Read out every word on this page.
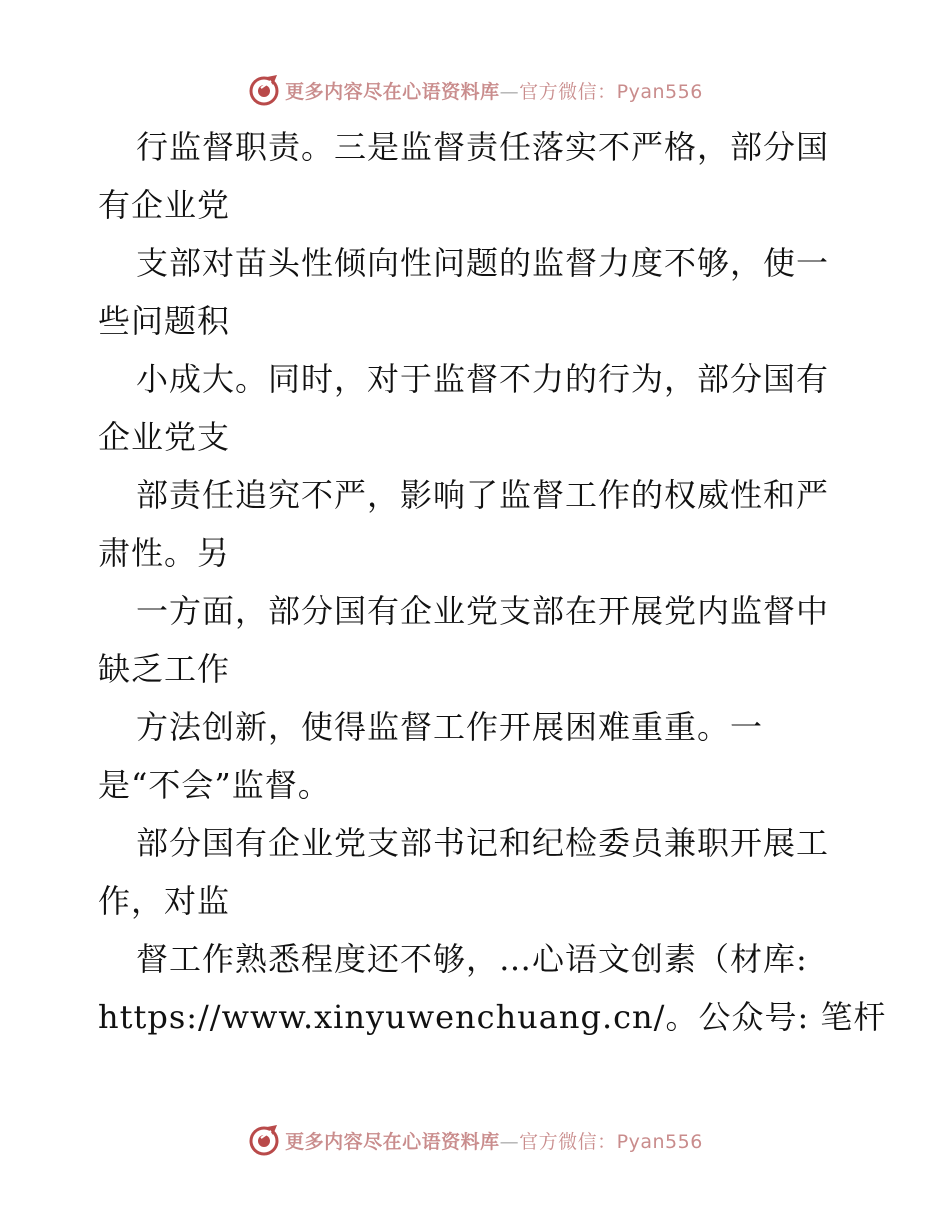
更多内容尽在心语资料库—官方微信：Pyan556
行监督职责。三是监督责任落实不严格，部分国
有企业党
支部对苗头性倾向性问题的监督力度不够，使一
些问题积
小成大。同时，对于监督不力的行为，部分国有
企业党支
部责任追究不严，影响了监督工作的权威性和严
肃性。另
一方面，部分国有企业党支部在开展党内监督中
缺乏工作
方法创新，使得监督工作开展困难重重。一
是“不会”监督。
部分国有企业党支部书记和纪检委员兼职开展工
作，对监
督工作熟悉程度还不够，…心语文创素（材库:
https://www.xinyuwenchuang.cn/。公众号: 笔杆
更多内容尽在心语资料库—官方微信：Pyan556
